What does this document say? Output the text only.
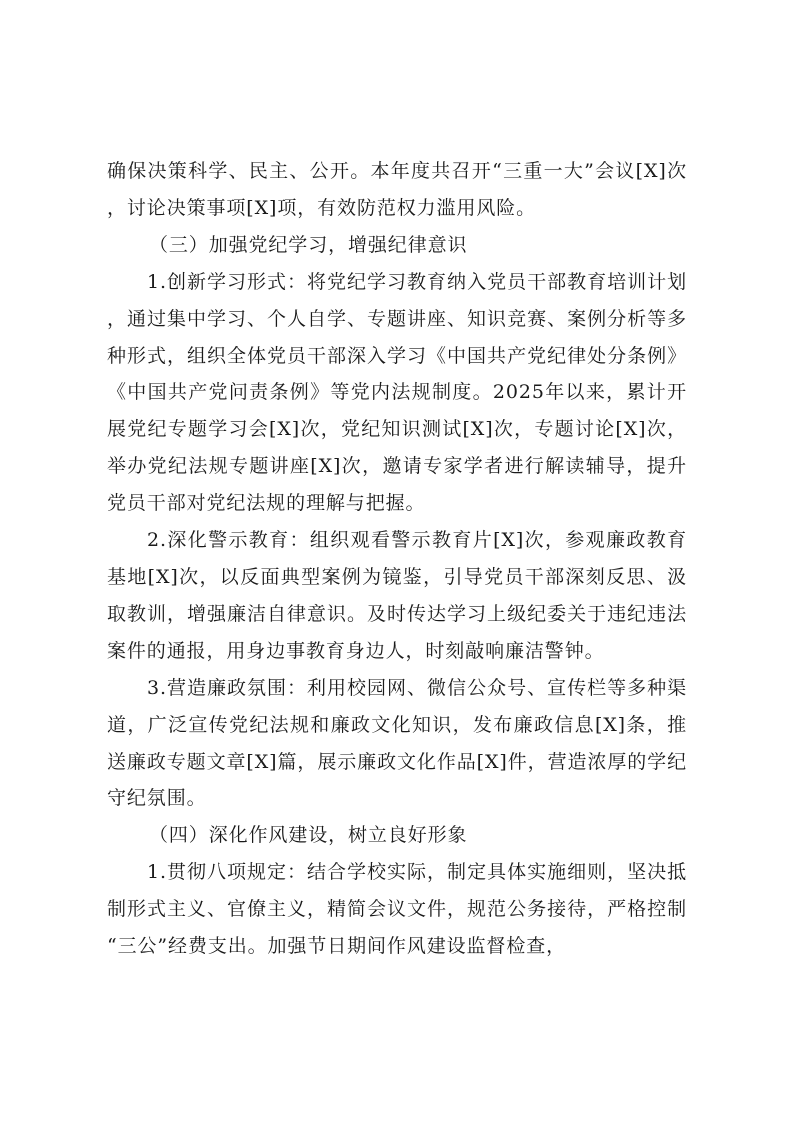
确保决策科学、民主、公开。本年度共召开“三重一大”会议[X]次，讨论决策事项[X]项，有效防范权力滥用风险。

（三）加强党纪学习，增强纪律意识

1.创新学习形式：将党纪学习教育纳入党员干部教育培训计划，通过集中学习、个人自学、专题讲座、知识竞赛、案例分析等多种形式，组织全体党员干部深入学习《中国共产党纪律处分条例》《中国共产党问责条例》等党内法规制度。2025年以来，累计开展党纪专题学习会[X]次，党纪知识测试[X]次，专题讨论[X]次，举办党纪法规专题讲座[X]次，邀请专家学者进行解读辅导，提升党员干部对党纪法规的理解与把握。

2.深化警示教育：组织观看警示教育片[X]次，参观廉政教育基地[X]次，以反面典型案例为镜鉴，引导党员干部深刻反思、汲取教训，增强廉洁自律意识。及时传达学习上级纪委关于违纪违法案件的通报，用身边事教育身边人，时刻敲响廉洁警钟。

3.营造廉政氛围：利用校园网、微信公众号、宣传栏等多种渠道，广泛宣传党纪法规和廉政文化知识，发布廉政信息[X]条，推送廉政专题文章[X]篇，展示廉政文化作品[X]件，营造浓厚的学纪守纪氛围。

（四）深化作风建设，树立良好形象

1.贯彻八项规定：结合学校实际，制定具体实施细则，坚决抵制形式主义、官僚主义，精简会议文件，规范公务接待，严格控制“三公”经费支出。加强节日期间作风建设监督检查，
